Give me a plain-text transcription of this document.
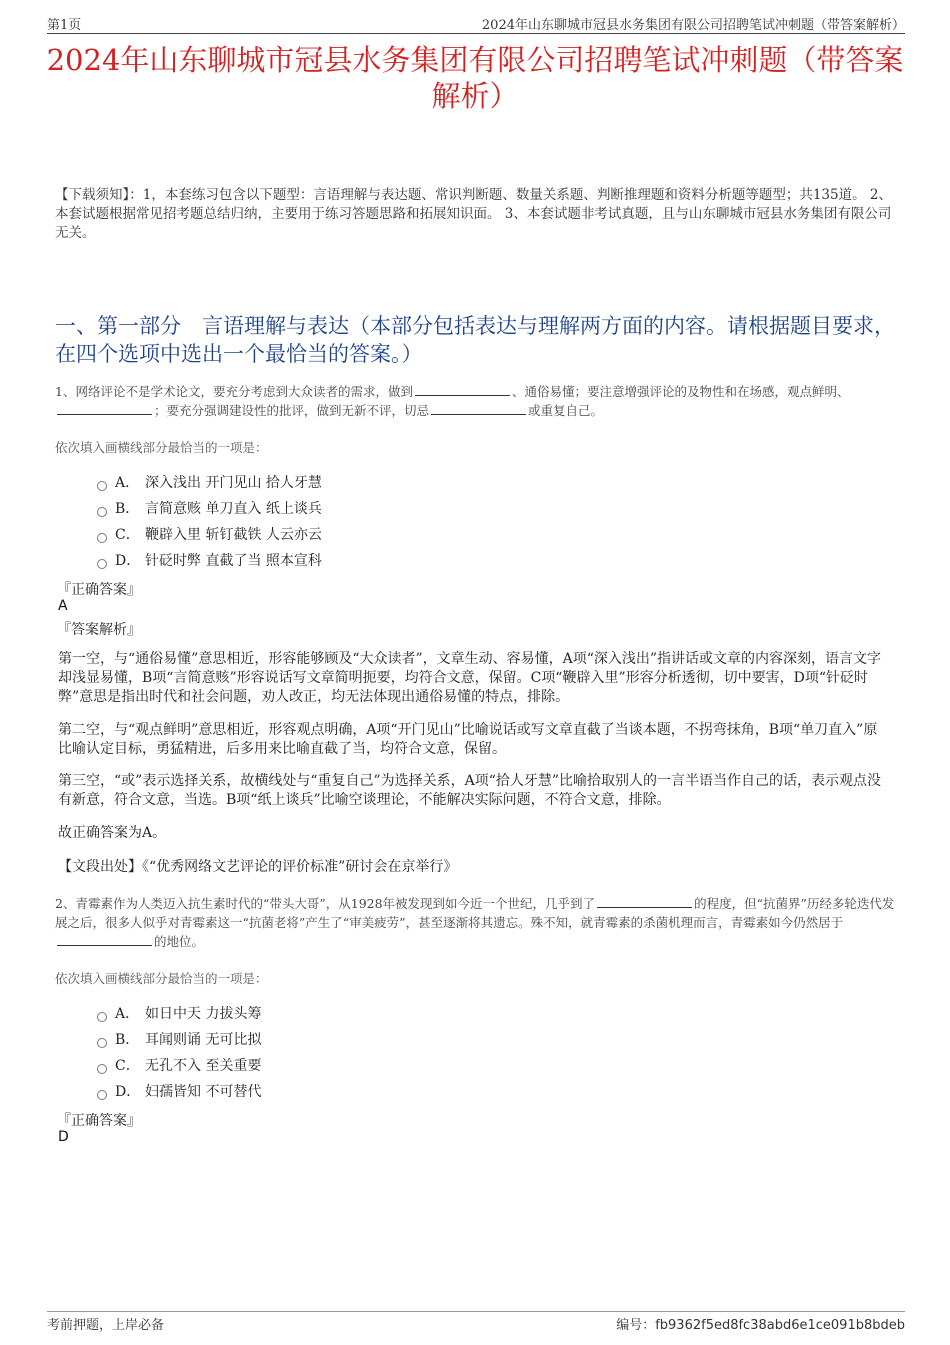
第1页	2024年山东聊城市冠县水务集团有限公司招聘笔试冲刺题（带答案解析）
2024年山东聊城市冠县水务集团有限公司招聘笔试冲刺题（带答案解析）
【下载须知】：1，本套练习包含以下题型：言语理解与表达题、常识判断题、数量关系题、判断推理题和资料分析题等题型；共135道。 2、本套试题根据常见招考题总结归纳，主要用于练习答题思路和拓展知识面。 3、本套试题非考试真题，且与山东聊城市冠县水务集团有限公司无关。
一、第一部分　言语理解与表达（本部分包括表达与理解两方面的内容。请根据题目要求，在四个选项中选出一个最恰当的答案。）
1、网络评论不是学术论文，要充分考虑到大众读者的需求，做到	、通俗易懂；要注意增强评论的及物性和在场感，观点鲜明、；要充分强调建设性的批评，做到无新不评，切忌	或重复自己。
依次填入画横线部分最恰当的一项是：
A． 深入浅出 开门见山 拾人牙慧
B． 言简意赅 单刀直入 纸上谈兵
C． 鞭辟入里 斩钉截铁 人云亦云
D． 针砭时弊 直截了当 照本宣科
『正确答案』
A
『答案解析』
第一空，与“通俗易懂”意思相近，形容能够顾及“大众读者”，文章生动、容易懂，A项“深入浅出”指讲话或文章的内容深刻，语言文字却浅显易懂，B项“言简意赅”形容说话写文章简明扼要，均符合文意，保留。C项“鞭辟入里”形容分析透彻，切中要害，D项“针砭时弊”意思是指出时代和社会问题，劝人改正，均无法体现出通俗易懂的特点，排除。
第二空，与“观点鲜明”意思相近，形容观点明确，A项“开门见山”比喻说话或写文章直截了当谈本题，不拐弯抹角，B项“单刀直入”原比喻认定目标，勇猛精进，后多用来比喻直截了当，均符合文意，保留。
第三空，“或”表示选择关系，故横线处与“重复自己”为选择关系，A项“拾人牙慧”比喻拾取别人的一言半语当作自己的话，表示观点没有新意，符合文意，当选。B项“纸上谈兵”比喻空谈理论，不能解决实际问题，不符合文意，排除。
故正确答案为A。
【文段出处】《“优秀网络文艺评论的评价标准”研讨会在京举行》
2、青霉素作为人类迈入抗生素时代的“带头大哥”，从1928年被发现到如今近一个世纪，几乎到了	的程度，但“抗菌界”历经多轮迭代发展之后，很多人似乎对青霉素这一“抗菌老将”产生了“审美疲劳”，甚至逐渐将其遗忘。殊不知，就青霉素的杀菌机理而言，青霉素如今仍然居于的地位。
依次填入画横线部分最恰当的一项是：
A． 如日中天 力拔头筹
B． 耳闻则诵 无可比拟
C． 无孔不入 至关重要
D． 妇孺皆知 不可替代
『正确答案』
D
考前押题，上岸必备	编号：fb9362f5ed8fc38abd6e1ce091b8bdeb
